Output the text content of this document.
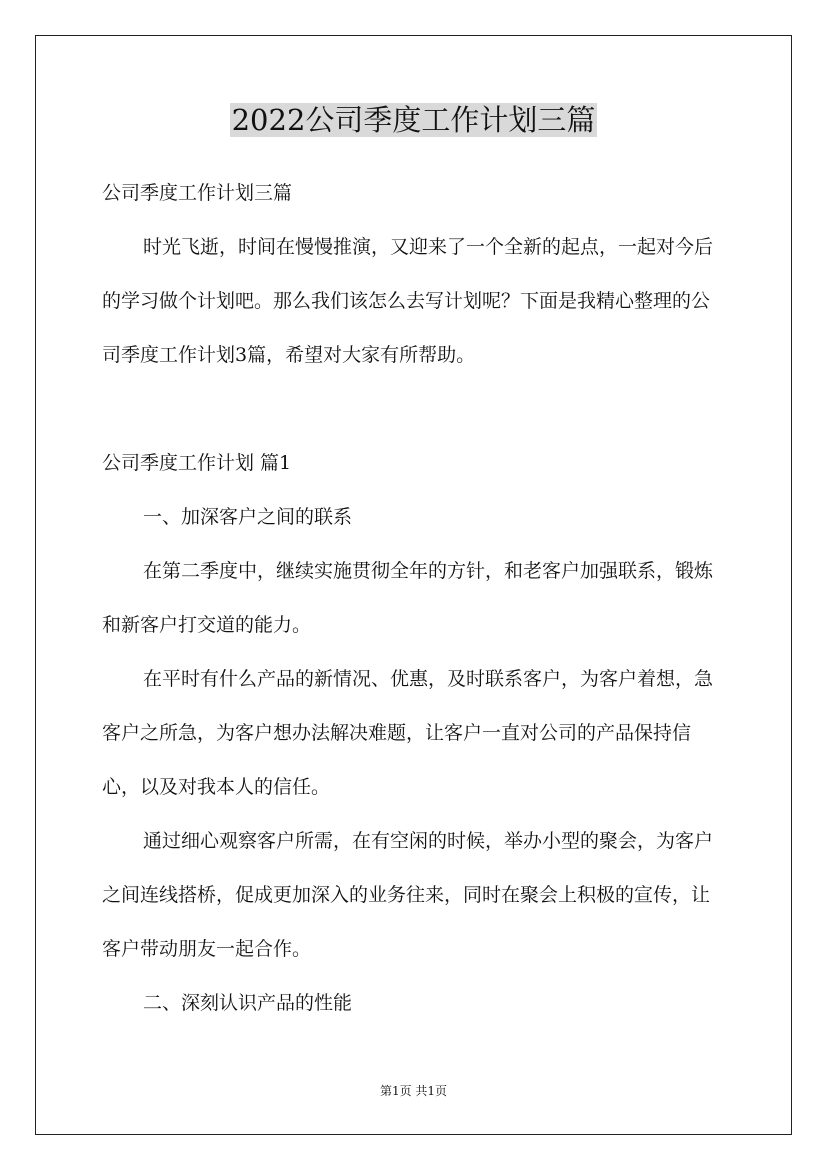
2022公司季度工作计划三篇

公司季度工作计划三篇

时光飞逝，时间在慢慢推演，又迎来了一个全新的起点，一起对今后的学习做个计划吧。那么我们该怎么去写计划呢？下面是我精心整理的公司季度工作计划3篇，希望对大家有所帮助。

公司季度工作计划 篇1

一、加深客户之间的联系

在第二季度中，继续实施贯彻全年的方针，和老客户加强联系，锻炼和新客户打交道的能力。

在平时有什么产品的新情况、优惠，及时联系客户，为客户着想，急客户之所急，为客户想办法解决难题，让客户一直对公司的产品保持信心，以及对我本人的信任。

通过细心观察客户所需，在有空闲的时候，举办小型的聚会，为客户之间连线搭桥，促成更加深入的业务往来，同时在聚会上积极的宣传，让客户带动朋友一起合作。

二、深刻认识产品的性能

第1页 共1页
